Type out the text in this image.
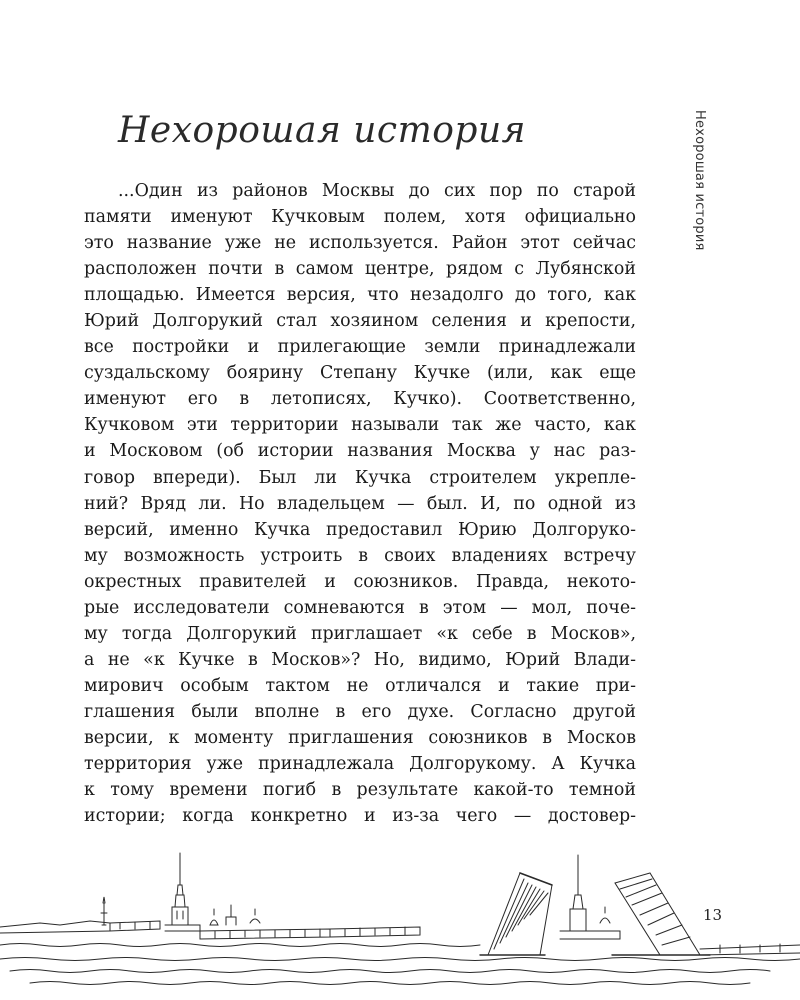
Нехорошая история	Нехорошая история

...Один из районов Москвы до сих пор по старой
памяти именуют Кучковым полем, хотя официально
это название уже не используется. Район этот сейчас
расположен почти в самом центре, рядом с Лубянской
площадью. Имеется версия, что незадолго до того, как
Юрий Долгорукий стал хозяином селения и крепости,
все постройки и прилегающие земли принадлежали
суздальскому боярину Степану Кучке (или, как еще
именуют его в летописях, Кучко). Соответственно,
Кучковом эти территории называли так же часто, как
и Московом (об истории названия Москва у нас раз-
говор впереди). Был ли Кучка строителем укрепле-
ний? Вряд ли. Но владельцем — был. И, по одной из
версий, именно Кучка предоставил Юрию Долгоруко-
му возможность устроить в своих владениях встречу
окрестных правителей и союзников. Правда, некото-
рые исследователи сомневаются в этом — мол, поче-
му тогда Долгорукий приглашает «к себе в Москов»,
а не «к Кучке в Москов»? Но, видимо, Юрий Влади-
мирович особым тактом не отличался и такие при-
глашения были вполне в его духе. Согласно другой
версии, к моменту приглашения союзников в Москов
территория уже принадлежала Долгорукому. А Кучка
к тому времени погиб в результате какой-то темной
истории; когда конкретно и из-за чего — достовер-

13
